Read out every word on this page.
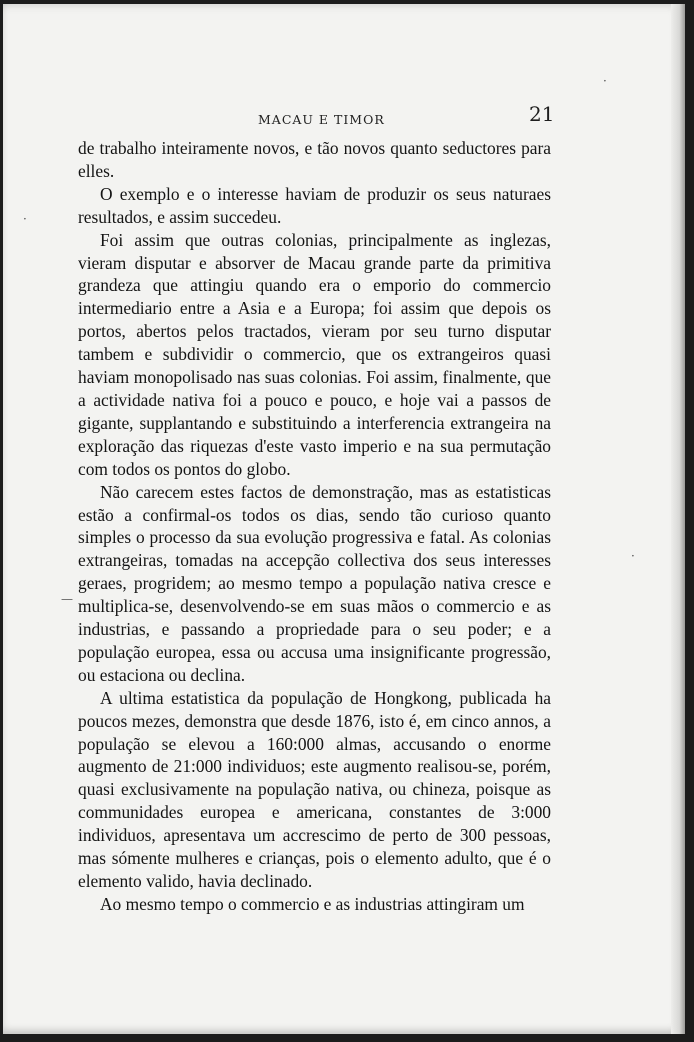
·
—
·
·
MACAU E TIMOR	21

de trabalho inteiramente novos, e tão novos quanto seductores para elles.

O exemplo e o interesse haviam de produzir os seus naturaes resultados, e assim succedeu.

Foi assim que outras colonias, principalmente as inglezas, vieram disputar e absorver de Macau grande parte da primitiva grandeza que attingiu quando era o emporio do commercio intermediario entre a Asia e a Europa; foi assim que depois os portos, abertos pelos tractados, vieram por seu turno disputar tambem e subdividir o commercio, que os extrangeiros quasi haviam monopolisado nas suas colonias. Foi assim, finalmente, que a actividade nativa foi a pouco e pouco, e hoje vai a passos de gigante, supplantando e substituindo a interferencia extrangeira na exploração das riquezas d'este vasto imperio e na sua permutação com todos os pontos do globo.

Não carecem estes factos de demonstração, mas as estatisticas estão a confirmal-os todos os dias, sendo tão curioso quanto simples o processo da sua evolução progressiva e fatal. As colonias extrangeiras, tomadas na accepção collectiva dos seus interesses geraes, progridem; ao mesmo tempo a população nativa cresce e multiplica-se, desenvolvendo-se em suas mãos o commercio e as industrias, e passando a propriedade para o seu poder; e a população europea, essa ou accusa uma insignificante progressão, ou estaciona ou declina.

A ultima estatistica da população de Hongkong, publicada ha poucos mezes, demonstra que desde 1876, isto é, em cinco annos, a população se elevou a 160:000 almas, accusando o enorme augmento de 21:000 individuos; este augmento realisou-se, porém, quasi exclusivamente na população nativa, ou chineza, poisque as communidades europea e americana, constantes de 3:000 individuos, apresentava um accrescimo de perto de 300 pessoas, mas sómente mulheres e crianças, pois o elemento adulto, que é o elemento valido, havia declinado.

Ao mesmo tempo o commercio e as industrias attingiram um
